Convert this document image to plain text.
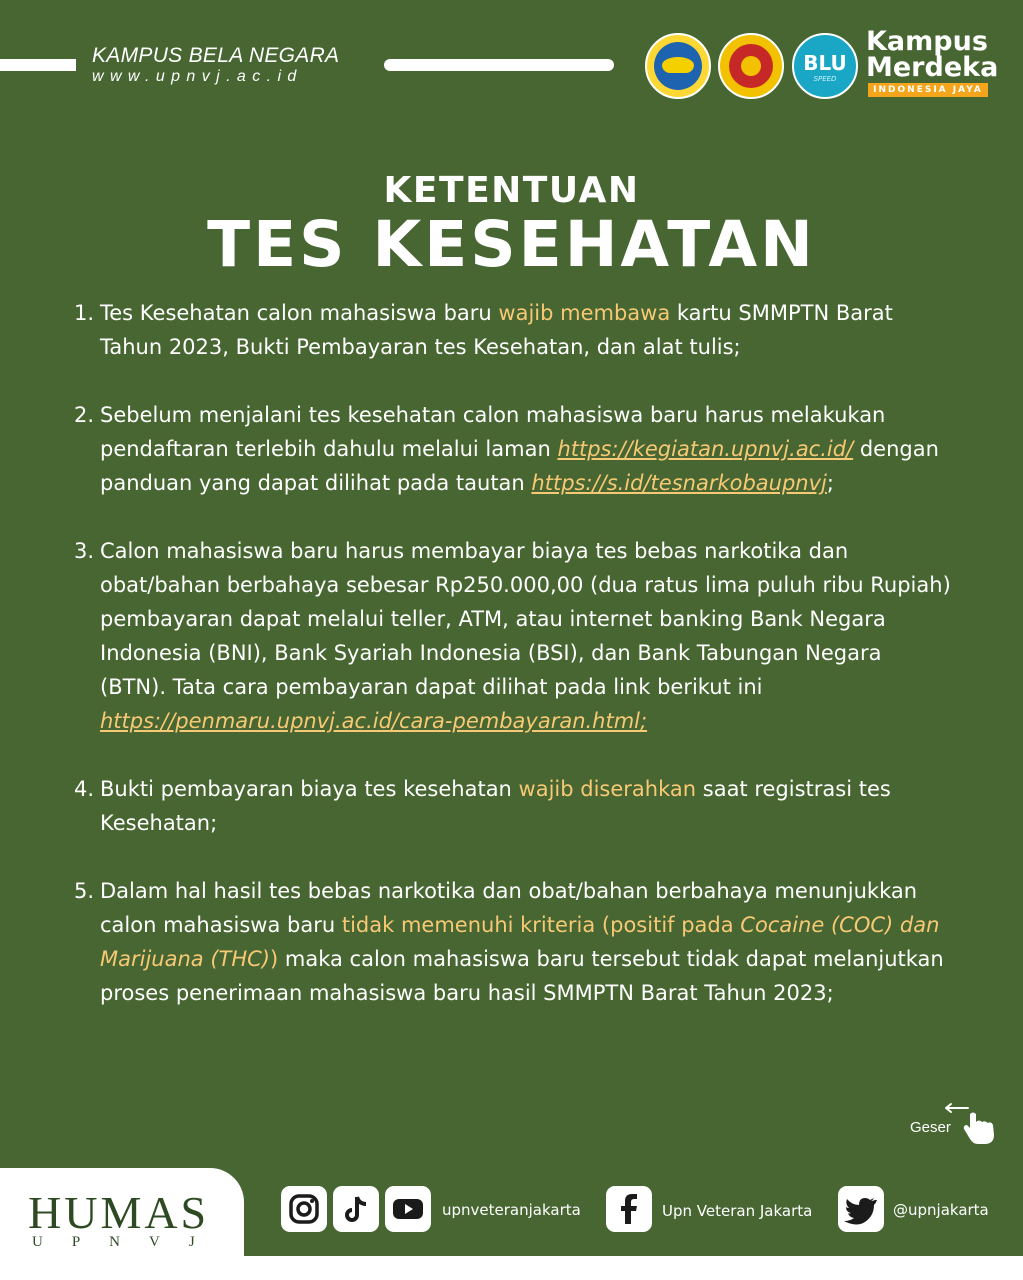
KAMPUS BELA NEGARA
www.upnvj.ac.id
BLU
SPEED
Kampus
Merdeka
INDONESIA JAYA
KETENTUAN
TES KESEHATAN
1. Tes Kesehatan calon mahasiswa baru wajib membawa kartu SMMPTN Barat Tahun 2023, Bukti Pembayaran tes Kesehatan, dan alat tulis;
2. Sebelum menjalani tes kesehatan calon mahasiswa baru harus melakukan pendaftaran terlebih dahulu melalui laman https://kegiatan.upnvj.ac.id/ dengan panduan yang dapat dilihat pada tautan https://s.id/tesnarkobaupnvj;
3. Calon mahasiswa baru harus membayar biaya tes bebas narkotika dan obat/bahan berbahaya sebesar Rp250.000,00 (dua ratus lima puluh ribu Rupiah) pembayaran dapat melalui teller, ATM, atau internet banking Bank Negara Indonesia (BNI), Bank Syariah Indonesia (BSI), dan Bank Tabungan Negara (BTN). Tata cara pembayaran dapat dilihat pada link berikut ini
https://penmaru.upnvj.ac.id/cara-pembayaran.html;
4. Bukti pembayaran biaya tes kesehatan wajib diserahkan saat registrasi tes Kesehatan;
5. Dalam hal hasil tes bebas narkotika dan obat/bahan berbahaya menunjukkan calon mahasiswa baru tidak memenuhi kriteria (positif pada Cocaine (COC) dan Marijuana (THC)) maka calon mahasiswa baru tersebut tidak dapat melanjutkan proses penerimaan mahasiswa baru hasil SMMPTN Barat Tahun 2023;
Geser
HUMAS
UPNVJ
upnveteranjakarta	Upn Veteran Jakarta	@upnjakarta
